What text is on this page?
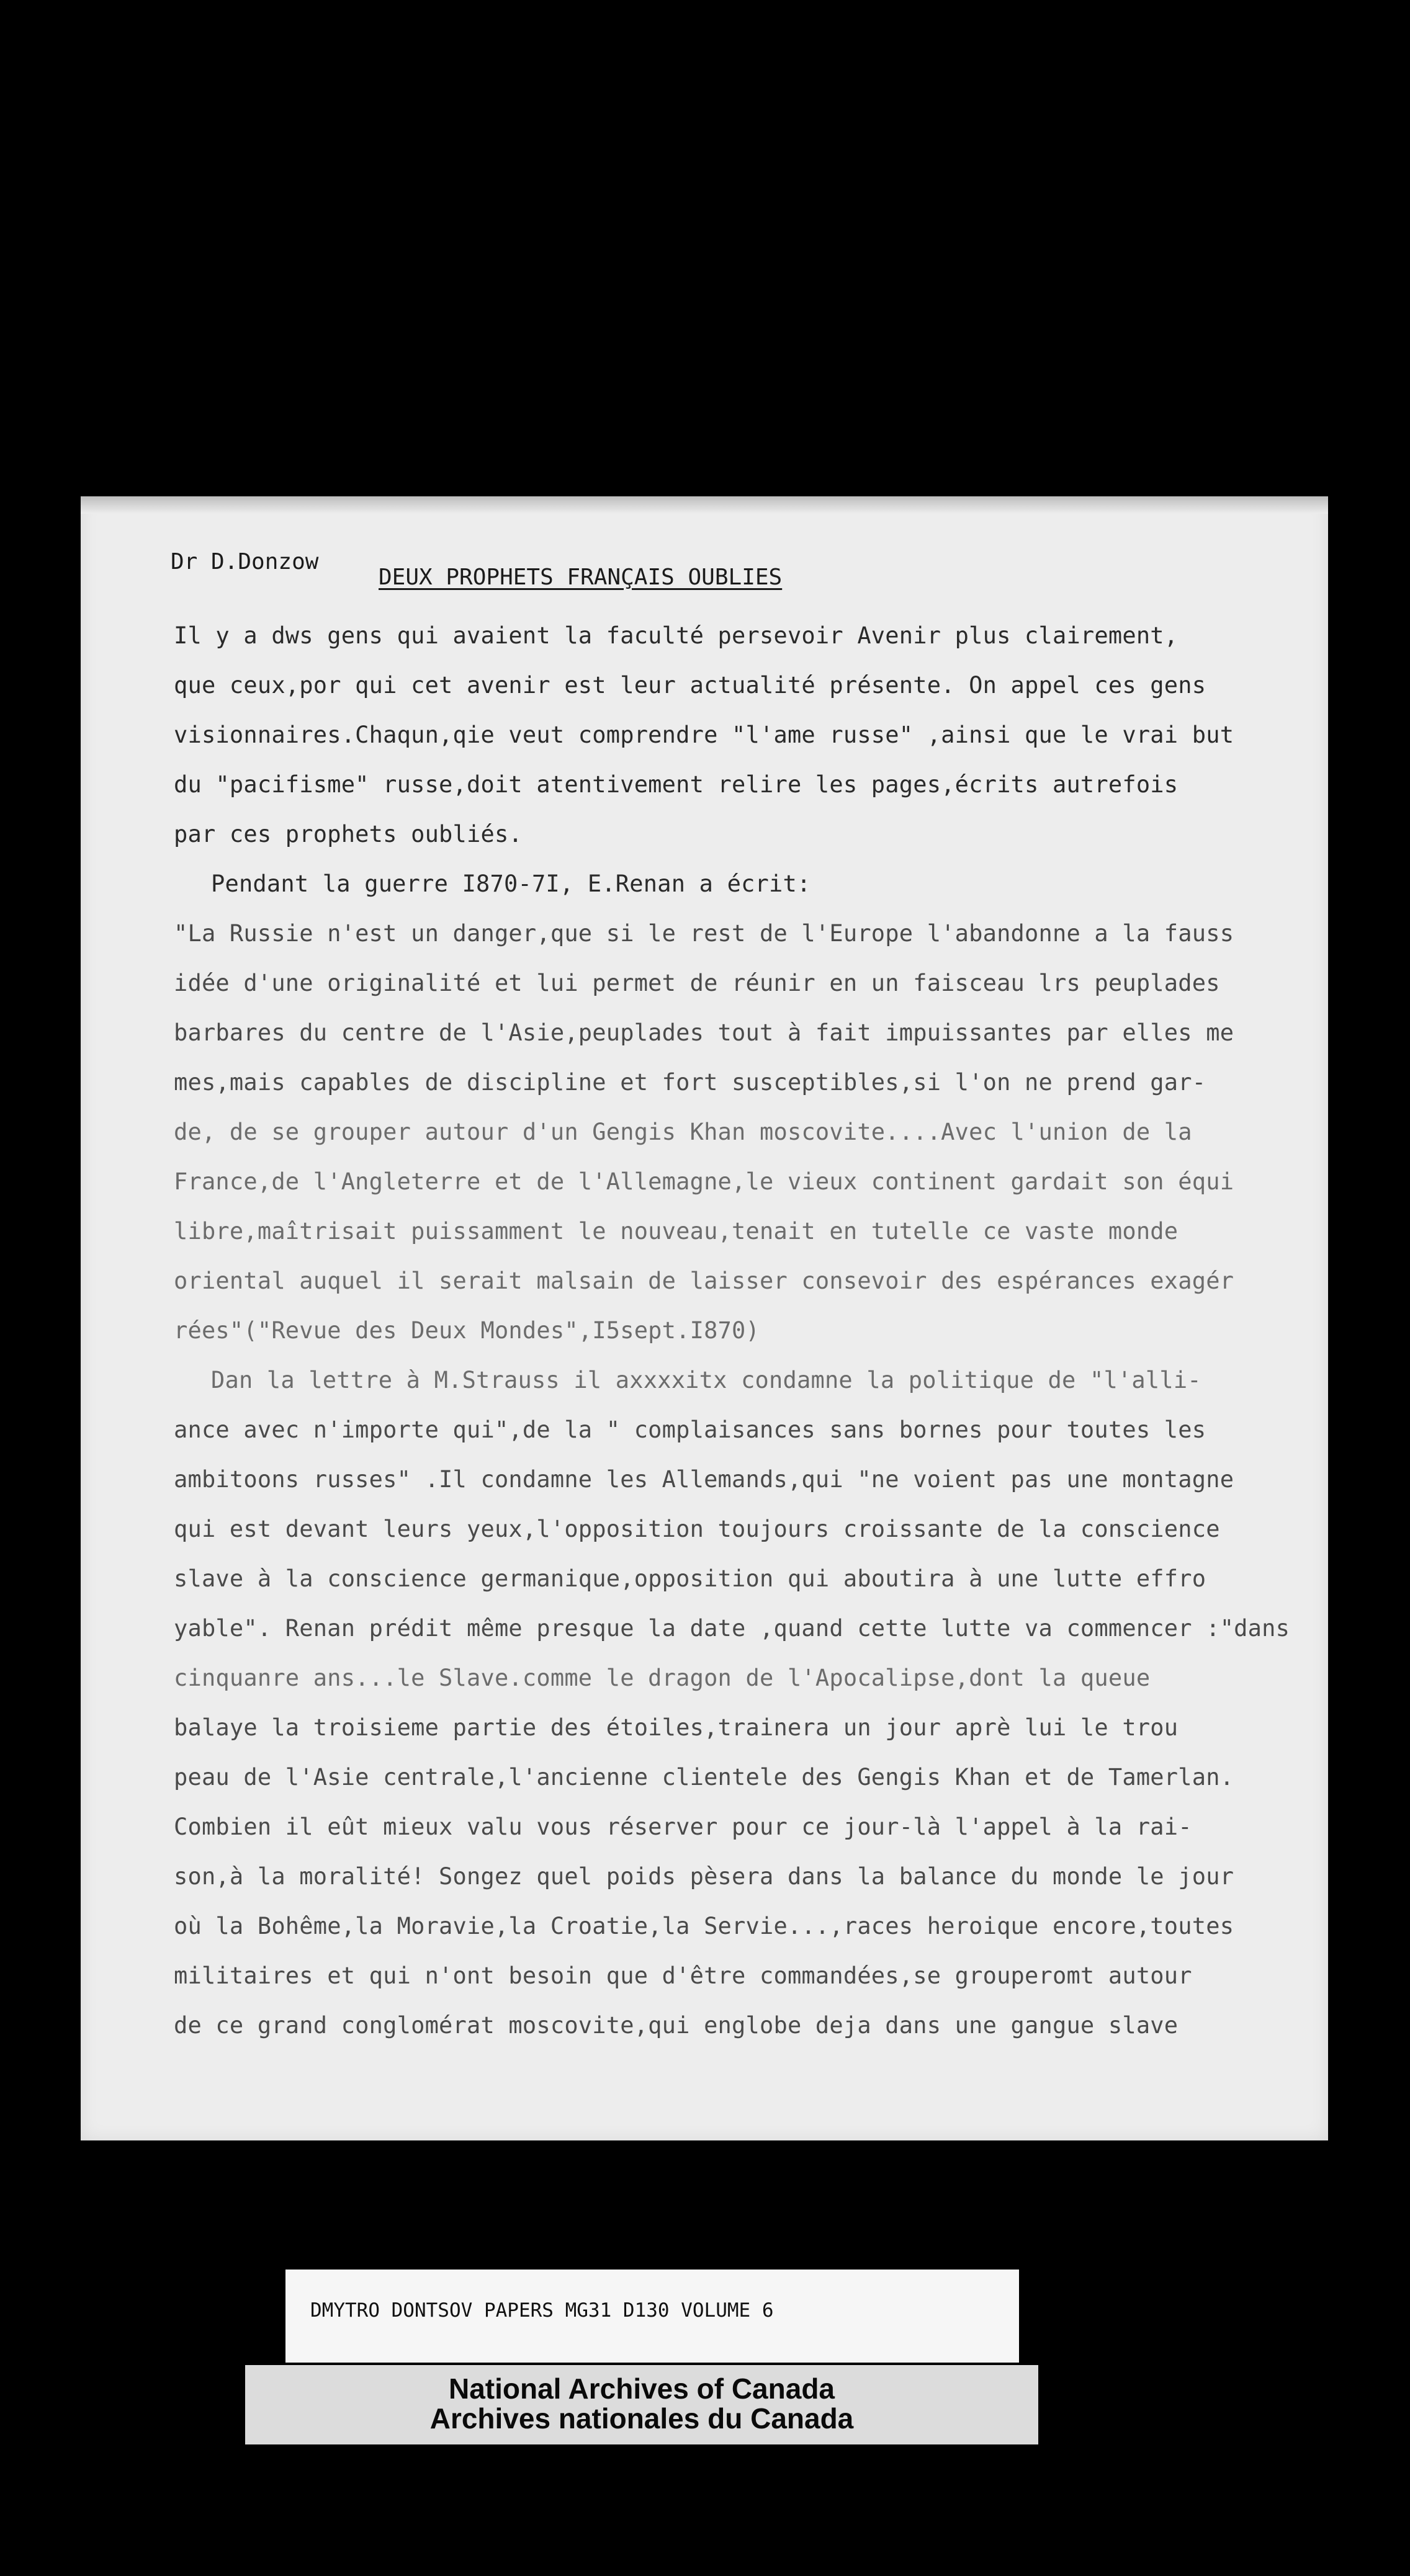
Dr D.Donzow
DEUX PROPHETS FRANÇAIS OUBLIES
Il y a dws gens qui avaient la faculté persevoir Avenir plus clairement,
que ceux,por qui cet avenir est leur actualité présente. On appel ces gens
visionnaires.Chaqun,qie veut comprendre "l'ame russe" ,ainsi que le vrai but
du "pacifisme" russe,doit atentivement relire les pages,écrits autrefois
par ces prophets oubliés.
Pendant la guerre I870-7I, E.Renan a écrit:
"La Russie n'est un danger,que si le rest de l'Europe l'abandonne a la fauss
idée d'une originalité et lui permet de réunir en un faisceau lrs peuplades
barbares du centre de l'Asie,peuplades tout à fait impuissantes par elles me
mes,mais capables de discipline et fort susceptibles,si l'on ne prend gar-
de, de se grouper autour d'un Gengis Khan moscovite....Avec l'union de la
France,de l'Angleterre et de l'Allemagne,le vieux continent gardait son équi
libre,maîtrisait puissamment le nouveau,tenait en tutelle ce vaste monde
oriental auquel il serait malsain de laisser consevoir des espérances exagér
rées"("Revue des Deux Mondes",I5sept.I870)
Dan la lettre à M.Strauss il axxxxitx condamne la politique de "l'alli-
ance avec n'importe qui",de la " complaisances sans bornes pour toutes les
ambitoons russes" .Il condamne les Allemands,qui "ne voient pas une montagne
qui est devant leurs yeux,l'opposition toujours croissante de la conscience
slave à la conscience germanique,opposition qui aboutira à une lutte effro
yable". Renan prédit même presque la date ,quand cette lutte va commencer :"dans
cinquanre ans...le Slave.comme le dragon de l'Apocalipse,dont la queue
balaye la troisieme partie des étoiles,trainera un jour aprè lui le trou
peau de l'Asie centrale,l'ancienne clientele des Gengis Khan et de Tamerlan.
Combien il eût mieux valu vous réserver pour ce jour-là l'appel à la rai-
son,à la moralité! Songez quel poids pèsera dans la balance du monde le jour
où la Bohême,la Moravie,la Croatie,la Servie...,races heroique encore,toutes
militaires et qui n'ont besoin que d'être commandées,se grouperomt autour
de ce grand conglomérat moscovite,qui englobe deja dans une gangue slave
DMYTRO DONTSOV PAPERS MG31 D130 VOLUME 6
National Archives of Canada
Archives nationales du Canada
